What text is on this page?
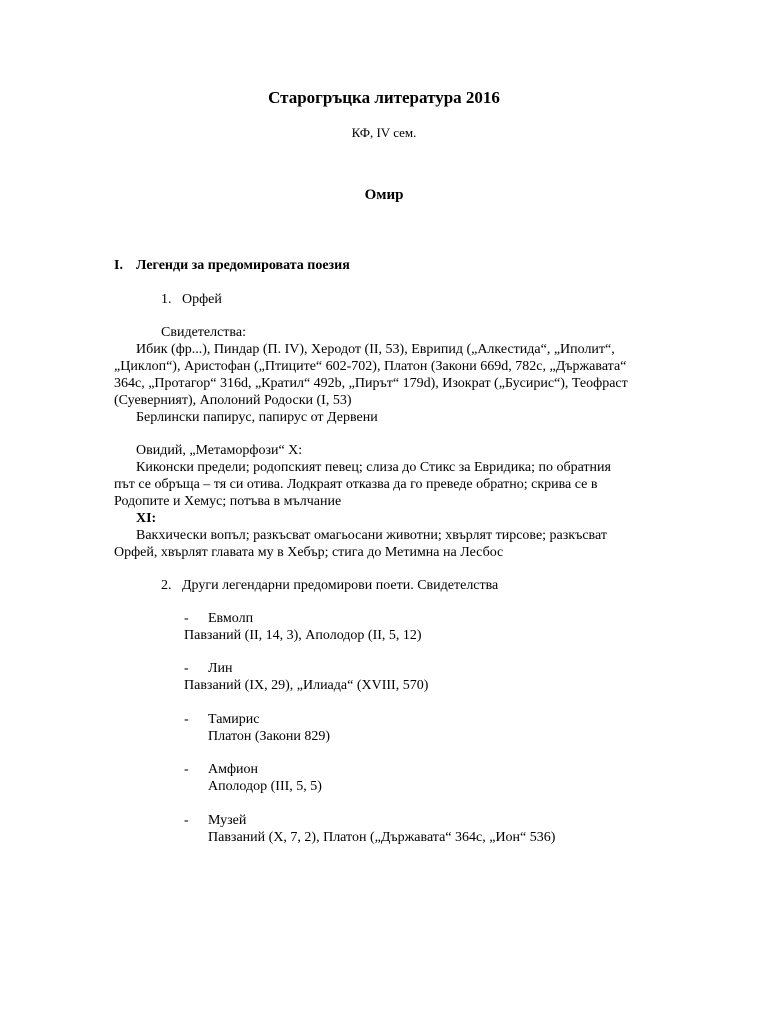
Старогръцка литература 2016
КФ, IV сем.
Омир
I. Легенди за предомировата поезия
1. Орфей
Свидетелства:
Ибик (фр...), Пиндар (П. IV), Херодот (II, 53), Еврипид („Алкестида“, „Иполит“,
„Циклоп“), Аристофан („Птиците“ 602-702), Платон (Закони 669d, 782c, „Държавата“
364c, „Протагор“ 316d, „Кратил“ 492b, „Пирът“ 179d), Изократ („Бусирис“), Теофраст
(Суеверният), Аполоний Родоски (I, 53)
Берлински папирус, папирус от Дервени
Овидий, „Метаморфози“ X:
Киконски предели; родопският певец; слиза до Стикс за Евридика; по обратния
път се обръща – тя си отива. Лодкраят отказва да го преведе обратно; скрива се в
Родопите и Хемус; потъва в мълчание
XI:
Вакхически вопъл; разкъсват омагьосани животни; хвърлят тирсове; разкъсват
Орфей, хвърлят главата му в Хебър; стига до Метимна на Лесбос
2. Други легендарни предомирови поети. Свидетелства
- Евмолп
Павзаний (II, 14, 3), Аполодор (II, 5, 12)
- Лин
Павзаний (IX, 29), „Илиада“ (XVIII, 570)
- Тамирис
Платон (Закони 829)
- Амфион
Аполодор (III, 5, 5)
- Музей
Павзаний (X, 7, 2), Платон („Държавата“ 364c, „Ион“ 536)
